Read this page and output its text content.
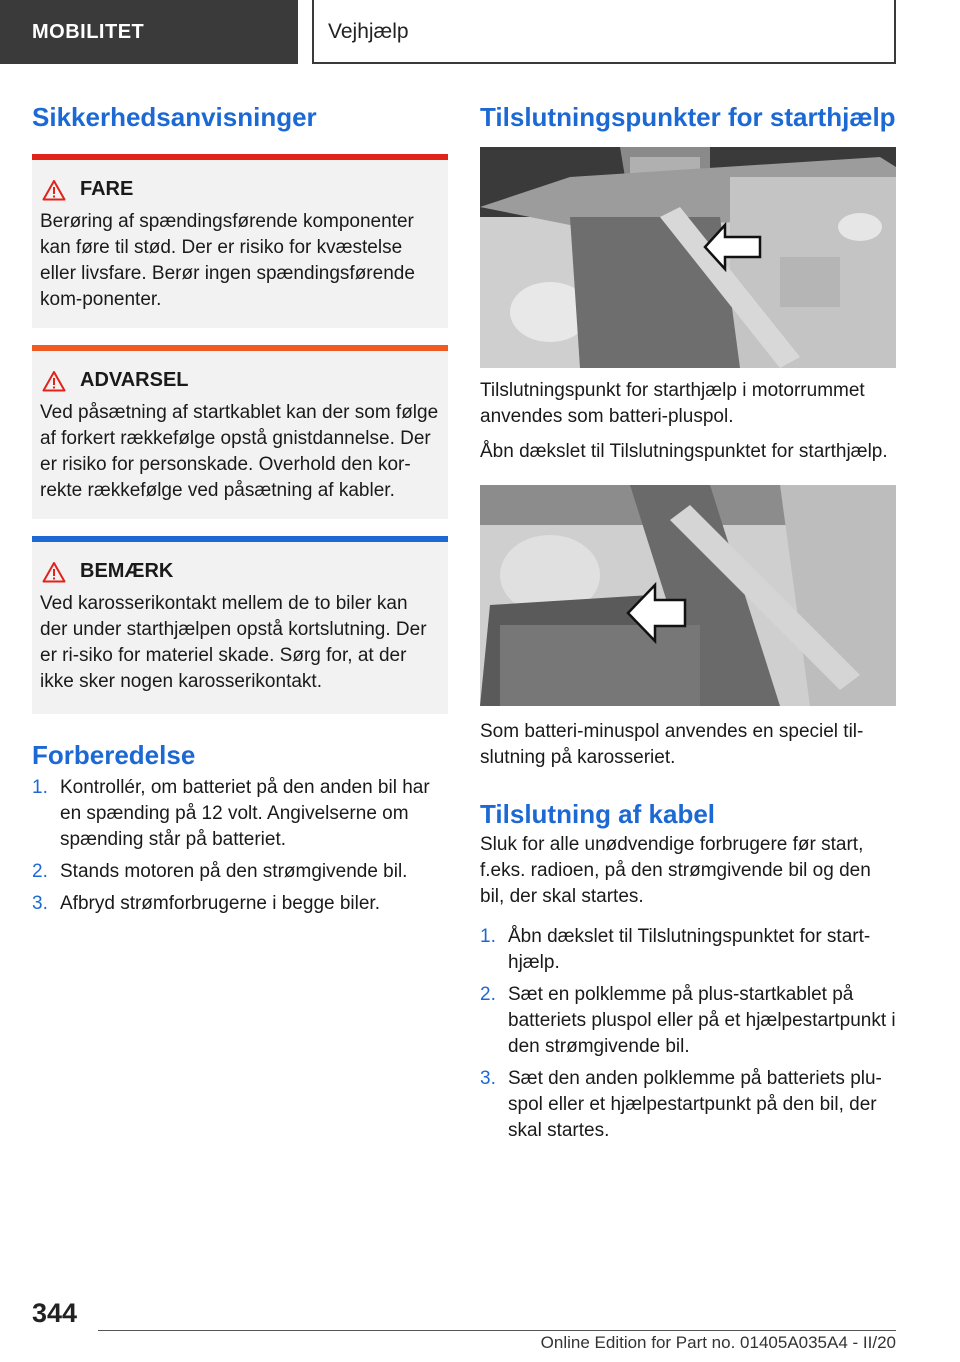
MOBILITET	Vejhjælp
Sikkerhedsanvisninger
FARE
Berøring af spændingsførende komponenter kan føre til stød. Der er risiko for kvæstelse eller livsfare. Berør ingen spændingsførende kom-ponenter.
ADVARSEL
Ved påsætning af startkablet kan der som følge af forkert rækkefølge opstå gnistdannelse. Der er risiko for personskade. Overhold den kor-rekte rækkefølge ved påsætning af kabler.
BEMÆRK
Ved karosserikontakt mellem de to biler kan der under starthjælpen opstå kortslutning. Der er ri-siko for materiel skade. Sørg for, at der ikke sker nogen karosserikontakt.
Forberedelse
1. Kontrollér, om batteriet på den anden bil har en spænding på 12 volt. Angivelserne om spænding står på batteriet.
2. Stands motoren på den strømgivende bil.
3. Afbryd strømforbrugerne i begge biler.
Tilslutningspunkter for starthjælp

Tilslutningspunkt for starthjælp i motorrummet anvendes som batteri-pluspol.

Åbn dækslet til Tilslutningspunktet for starthjælp.

Som batteri-minuspol anvendes en speciel til-slutning på karosseriet.

Tilslutning af kabel

Sluk for alle unødvendige forbrugere før start, f.eks. radioen, på den strømgivende bil og den bil, der skal startes.

1. Åbn dækslet til Tilslutningspunktet for start-hjælp.
2. Sæt en polklemme på plus-startkablet på batteriets pluspol eller på et hjælpestartpunkt i den strømgivende bil.
3. Sæt den anden polklemme på batteriets plu-spol eller et hjælpestartpunkt på den bil, der skal startes.
344
Online Edition for Part no. 01405A035A4 - II/20
